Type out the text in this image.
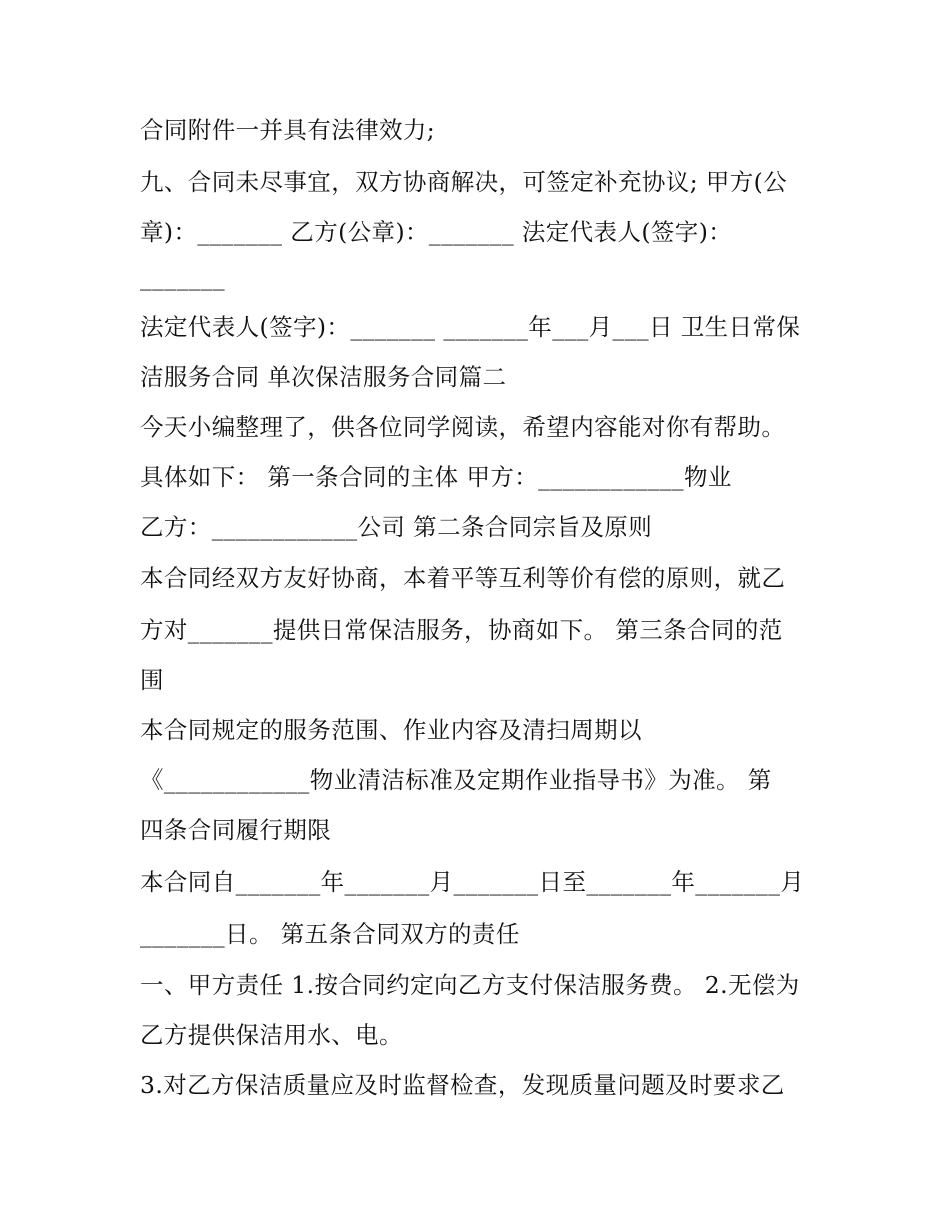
合同附件一并具有法律效力;
九、合同未尽事宜，双方协商解决，可签定补充协议; 甲方(公
章)：_______ 乙方(公章)：_______ 法定代表人(签字)：
_______
法定代表人(签字)：_______ _______年___月___日 卫生日常保
洁服务合同 单次保洁服务合同篇二
今天小编整理了，供各位同学阅读，希望内容能对你有帮助。
具体如下： 第一条合同的主体 甲方：____________物业
乙方：____________公司 第二条合同宗旨及原则
本合同经双方友好协商，本着平等互利等价有偿的原则，就乙
方对_______提供日常保洁服务，协商如下。 第三条合同的范
围
本合同规定的服务范围、作业内容及清扫周期以
《____________物业清洁标准及定期作业指导书》为准。 第
四条合同履行期限
本合同自_______年_______月_______日至_______年_______月
_______日。 第五条合同双方的责任
一、甲方责任 1.按合同约定向乙方支付保洁服务费。 2.无偿为
乙方提供保洁用水、电。
3.对乙方保洁质量应及时监督检查，发现质量问题及时要求乙
